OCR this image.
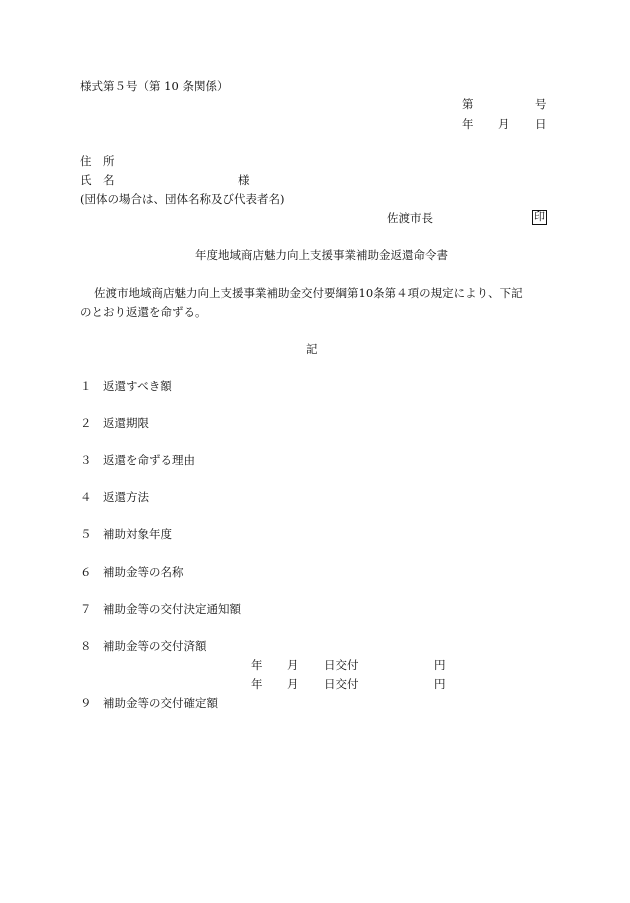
様式第５号（第 10 条関係）
第	号
年 月 日
住　所
氏　名	様
(団体の場合は、団体名称及び代表者名)
佐渡市長	印
年度地域商店魅力向上支援事業補助金返還命令書
佐渡市地域商店魅力向上支援事業補助金交付要綱第10条第４項の規定により、下記
のとおり返還を命ずる。
記
１ 返還すべき額
２ 返還期限
３ 返還を命ずる理由
４ 返還方法
５ 補助対象年度
６ 補助金等の名称
７ 補助金等の交付決定通知額
８ 補助金等の交付済額
年 月 日交付	円
年 月 日交付	円
９ 補助金等の交付確定額
